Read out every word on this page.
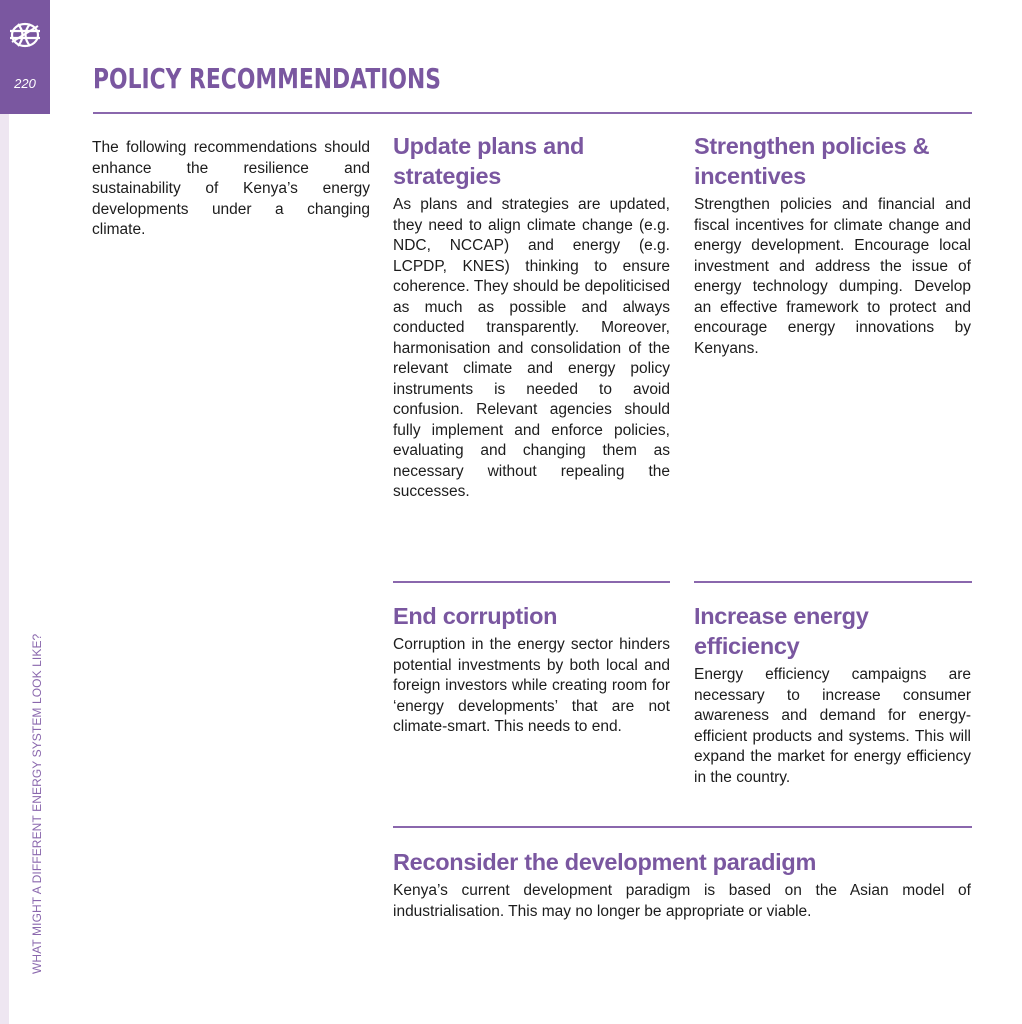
220
WHAT MIGHT A DIFFERENT ENERGY SYSTEM LOOK LIKE?
POLICY RECOMMENDATIONS

The following recommendations should enhance the resilience and sustainability of Kenya’s energy developments under a changing climate.

Update plans and strategies

As plans and strategies are updated, they need to align climate change (e.g. NDC, NCCAP) and energy (e.g. LCPDP, KNES) thinking to ensure coherence. They should be depoliticised as much as possible and always conducted transparently. Moreover, harmonisation and consolidation of the relevant climate and energy policy instruments is needed to avoid confusion. Relevant agencies should fully implement and enforce policies, evaluating and changing them as necessary without repealing the successes.

Strengthen policies & incentives

Strengthen policies and financial and fiscal incentives for climate change and energy development. Encourage local investment and address the issue of energy technology dumping. Develop an effective framework to protect and encourage energy innovations by Kenyans.

End corruption

Corruption in the energy sector hinders potential investments by both local and foreign investors while creating room for ‘energy developments’ that are not climate-smart. This needs to end.

Increase energy efficiency

Energy efficiency campaigns are necessary to increase consumer awareness and demand for energy-efficient products and systems. This will expand the market for energy efficiency in the country.

Reconsider the development paradigm

Kenya’s current development paradigm is based on the Asian model of industrialisation. This may no longer be appropriate or viable.
